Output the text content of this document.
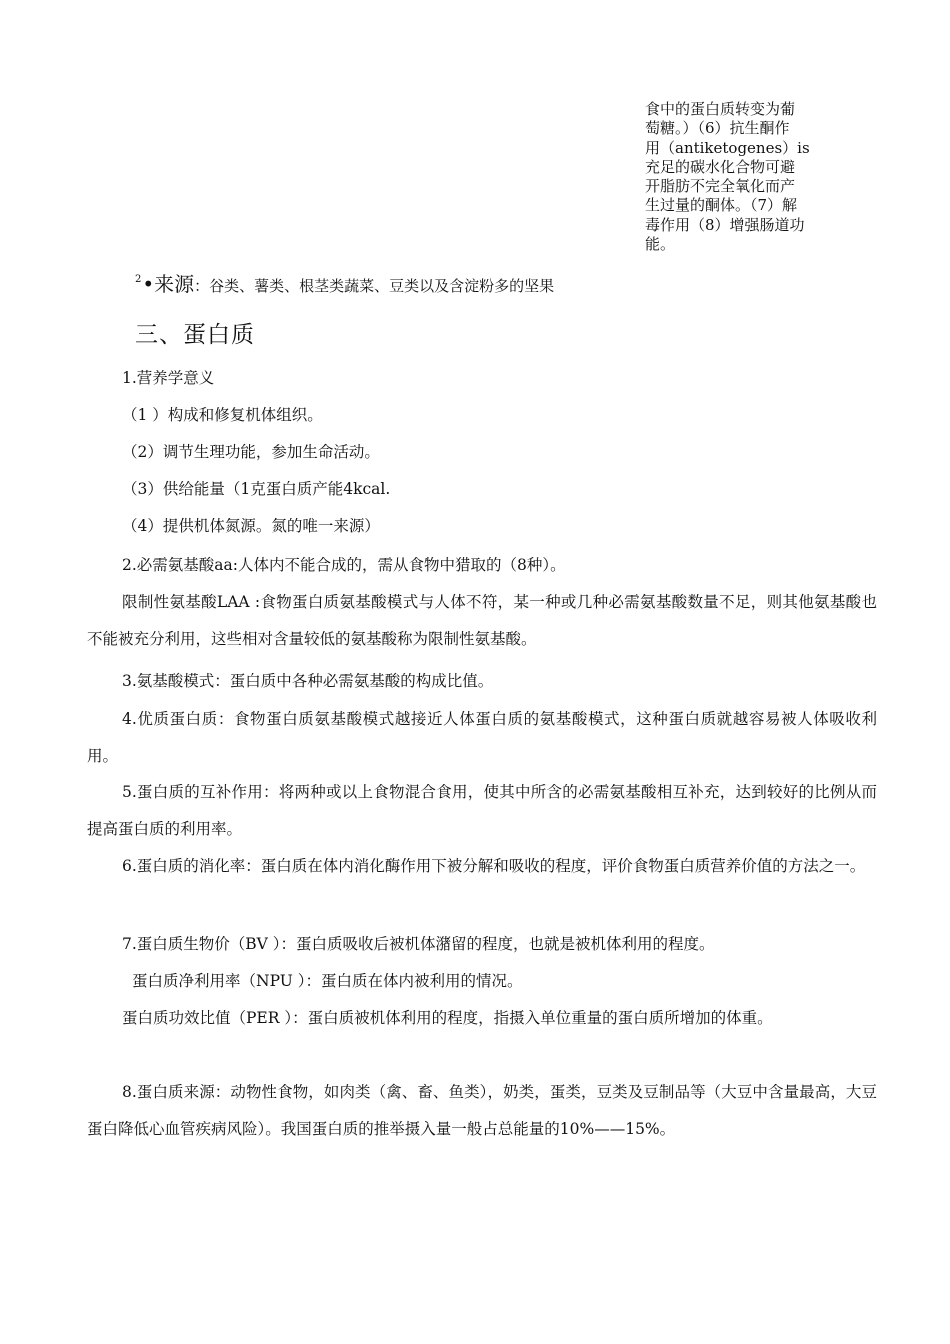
食中的蛋白质转变为葡

萄糖。）（6）抗生酮作

用（antiketogenes）is

充足的碳水化合物可避

开脂肪不完全氧化而产

生过量的酮体。（7）解

毒作用（8）增强肠道功

能。

$^2$•来源：谷类、薯类、根茎类蔬菜、豆类以及含淀粉多的坚果
三、蛋白质
1.营养学意义
（1 ）构成和修复机体组织。
（2）调节生理功能，参加生命活动。
（3）供给能量（1克蛋白质产能4kcal.
（4）提供机体氮源。氮的唯一来源）
2.必需氨基酸aa:人体内不能合成的，需从食物中猎取的（8种）。

限制性氨基酸LAA :食物蛋白质氨基酸模式与人体不符，某一种或几种必需氨基酸数量不足，则其他氨基酸也不能被充分利用，这些相对含量较低的氨基酸称为限制性氨基酸。

3.氨基酸模式：蛋白质中各种必需氨基酸的构成比值。

4.优质蛋白质：食物蛋白质氨基酸模式越接近人体蛋白质的氨基酸模式，这种蛋白质就越容易被人体吸收利用。

5.蛋白质的互补作用：将两种或以上食物混合食用，使其中所含的必需氨基酸相互补充，达到较好的比例从而提高蛋白质的利用率。

6.蛋白质的消化率：蛋白质在体内消化酶作用下被分解和吸收的程度，评价食物蛋白质营养价值的方法之一。

7.蛋白质生物价（BV ）：蛋白质吸收后被机体潴留的程度，也就是被机体利用的程度。
蛋白质净利用率（NPU ）：蛋白质在体内被利用的情况。

蛋白质功效比值（PER ）：蛋白质被机体利用的程度，指摄入单位重量的蛋白质所增加的体重。

8.蛋白质来源：动物性食物，如肉类（禽、畜、鱼类），奶类，蛋类，豆类及豆制品等（大豆中含量最高，大豆蛋白降低心血管疾病风险）。我国蛋白质的推举摄入量一般占总能量的10%——15%。
